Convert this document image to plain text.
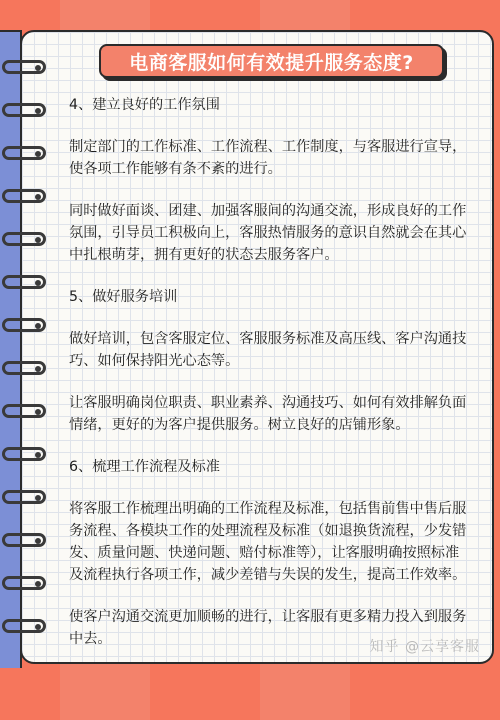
电商客服如何有效提升服务态度?

4、建立良好的工作氛围

制定部门的工作标准、工作流程、工作制度，与客服进行宣导，使各项工作能够有条不紊的进行。

同时做好面谈、团建、加强客服间的沟通交流，形成良好的工作氛围，引导员工积极向上，客服热情服务的意识自然就会在其心中扎根萌芽，拥有更好的状态去服务客户。

5、做好服务培训

做好培训，包含客服定位、客服服务标准及高压线、客户沟通技巧、如何保持阳光心态等。

让客服明确岗位职责、职业素养、沟通技巧、如何有效排解负面情绪，更好的为客户提供服务。树立良好的店铺形象。

6、梳理工作流程及标准

将客服工作梳理出明确的工作流程及标准，包括售前售中售后服务流程、各模块工作的处理流程及标准（如退换货流程，少发错发、质量问题、快递问题、赔付标准等），让客服明确按照标准及流程执行各项工作，减少差错与失误的发生，提高工作效率。

使客户沟通交流更加顺畅的进行，让客服有更多精力投入到服务中去。	知乎 @云享客服
